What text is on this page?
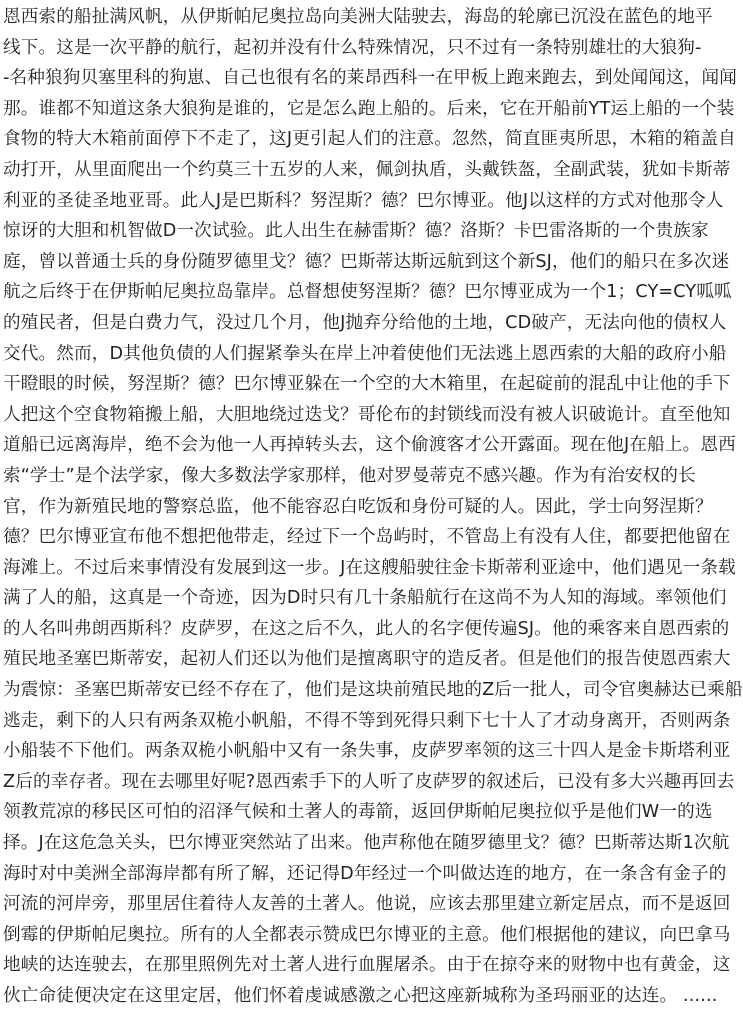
恩西索的船扯满风帆，从伊斯帕尼奥拉岛向美洲大陆驶去，海岛的轮廓已沉没在蓝色的地平
线下。这是一次平静的航行，起初并没有什么特殊情况，只不过有一条特别雄壮的大狼狗-
-名种狼狗贝塞里科的狗崽、自己也很有名的莱昂西科一在甲板上跑来跑去，到处闻闻这，闻闻
那。谁都不知道这条大狼狗是谁的，它是怎么跑上船的。后来，它在开船前YT运上船的一个装
食物的特大木箱前面停下不走了，这J更引起人们的注意。忽然，简直匪夷所思，木箱的箱盖自
动打开，从里面爬出一个约莫三十五岁的人来，佩剑执盾，头戴铁盔，全副武装，犹如卡斯蒂
利亚的圣徒圣地亚哥。此人J是巴斯科？努涅斯？德？巴尔博亚。他J以这样的方式对他那令人
惊讶的大胆和机智做D一次试验。此人出生在赫雷斯？德？洛斯？卡巴雷洛斯的一个贵族家
庭，曾以普通士兵的身份随罗德里戈？德？巴斯蒂达斯远航到这个新SJ，他们的船只在多次迷
航之后终于在伊斯帕尼奥拉岛靠岸。总督想使努涅斯？德？巴尔博亚成为一个1；CY=CY呱呱
的殖民者，但是白费力气，没过几个月，他J抛弃分给他的土地，CD破产，无法向他的债权人
交代。然而，D其他负债的人们握紧拳头在岸上冲着使他们无法逃上恩西索的大船的政府小船
干瞪眼的时候，努涅斯？德？巴尔博亚躲在一个空的大木箱里，在起碇前的混乱中让他的手下
人把这个空食物箱搬上船，大胆地绕过迭戈？哥伦布的封锁线而没有被人识破诡计。直至他知
道船已远离海岸，绝不会为他一人再掉转头去，这个偷渡客才公开露面。现在他J在船上。恩西
索“学士”是个法学家，像大多数法学家那样，他对罗曼蒂克不感兴趣。作为有治安权的长
官，作为新殖民地的警察总监，他不能容忍白吃饭和身份可疑的人。因此，学士向努涅斯？
德？巴尔博亚宣布他不想把他带走，经过下一个岛屿时，不管岛上有没有人住，都要把他留在
海滩上。不过后来事情没有发展到这一步。J在这艘船驶往金卡斯蒂利亚途中，他们遇见一条载
满了人的船，这真是一个奇迹，因为D时只有几十条船航行在这尚不为人知的海域。率领他们
的人名叫弗朗西斯科？皮萨罗，在这之后不久，此人的名字便传遍SJ。他的乘客来自恩西索的
殖民地圣塞巴斯蒂安，起初人们还以为他们是擅离职守的造反者。但是他们的报告使恩西索大
为震惊：圣塞巴斯蒂安已经不存在了，他们是这块前殖民地的Z后一批人，司令官奥赫达已乘船
逃走，剩下的人只有两条双桅小帆船，不得不等到死得只剩下七十人了才动身离开，否则两条
小船装不下他们。两条双桅小帆船中又有一条失事，皮萨罗率领的这三十四人是金卡斯塔利亚
Z后的幸存者。现在去哪里好呢?恩西索手下的人听了皮萨罗的叙述后，已没有多大兴趣再回去
领教荒凉的移民区可怕的沼泽气候和土著人的毒箭，返回伊斯帕尼奥拉似乎是他们W一的选
择。J在这危急关头，巴尔博亚突然站了出来。他声称他在随罗德里戈？德？巴斯蒂达斯1次航
海时对中美洲全部海岸都有所了解，还记得D年经过一个叫做达连的地方，在一条含有金子的
河流的河岸旁，那里居住着待人友善的土著人。他说，应该去那里建立新定居点，而不是返回
倒霉的伊斯帕尼奥拉。所有的人全都表示赞成巴尔博亚的主意。他们根据他的建议，向巴拿马
地峡的达连驶去，在那里照例先对土著人进行血腥屠杀。由于在掠夺来的财物中也有黄金，这
伙亡命徒便决定在这里定居，他们怀着虔诚感激之心把这座新城称为圣玛丽亚的达连。 ......
